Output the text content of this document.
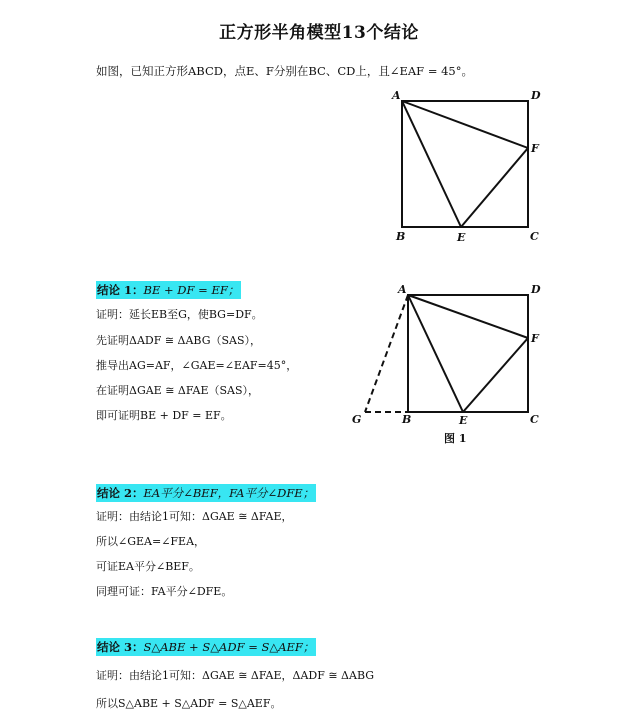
正方形半角模型13个结论
如图，已知正方形ABCD，点E、F分别在BC、CD上，且∠EAF = 45°。
A	D
F
B	E	C
A	D
F
G	B	E	C
图 1
结论 1：BE + DF = EF；
证明：延长EB至G，使BG=DF。
先证明ΔADF ≅ ΔABG（SAS），
推导出AG=AF，∠GAE=∠EAF=45°，
在证明ΔGAE ≅ ΔFAE（SAS），
即可证明BE + DF = EF。
结论 2：EA平分∠BEF，FA平分∠DFE；
证明：由结论1可知：ΔGAE ≅ ΔFAE，
所以∠GEA=∠FEA，
可证EA平分∠BEF。
同理可证：FA平分∠DFE。
结论 3：S△ABE + S△ADF = S△AEF；
证明：由结论1可知：ΔGAE ≅ ΔFAE，ΔADF ≅ ΔABG
所以S△ABE + S△ADF = S△AEF。
